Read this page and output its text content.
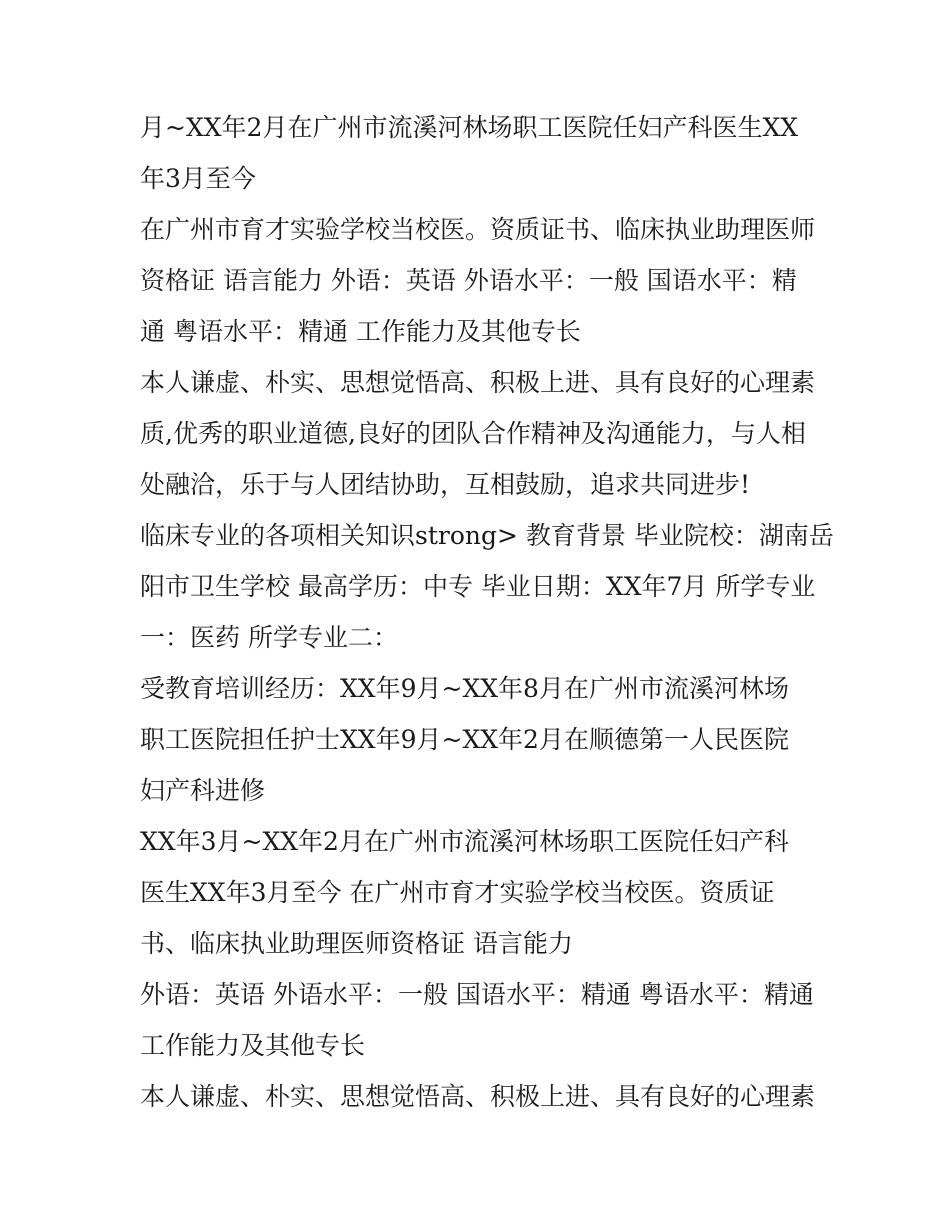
月~XX年2月在广州市流溪河林场职工医院任妇产科医生XX
年3月至今
在广州市育才实验学校当校医。资质证书、临床执业助理医师
资格证 语言能力 外语：英语 外语水平：一般 国语水平：精
通 粤语水平：精通 工作能力及其他专长
本人谦虚、朴实、思想觉悟高、积极上进、具有良好的心理素
质,优秀的职业道德,良好的团队合作精神及沟通能力，与人相
处融洽，乐于与人团结协助，互相鼓励，追求共同进步!
临床专业的各项相关知识strong> 教育背景 毕业院校：湖南岳
阳市卫生学校 最高学历：中专 毕业日期：XX年7月 所学专业
一：医药 所学专业二：
受教育培训经历：XX年9月~XX年8月在广州市流溪河林场
职工医院担任护士XX年9月~XX年2月在顺德第一人民医院
妇产科进修
XX年3月~XX年2月在广州市流溪河林场职工医院任妇产科
医生XX年3月至今 在广州市育才实验学校当校医。资质证
书、临床执业助理医师资格证 语言能力
外语：英语 外语水平：一般 国语水平：精通 粤语水平：精通
工作能力及其他专长
本人谦虚、朴实、思想觉悟高、积极上进、具有良好的心理素
